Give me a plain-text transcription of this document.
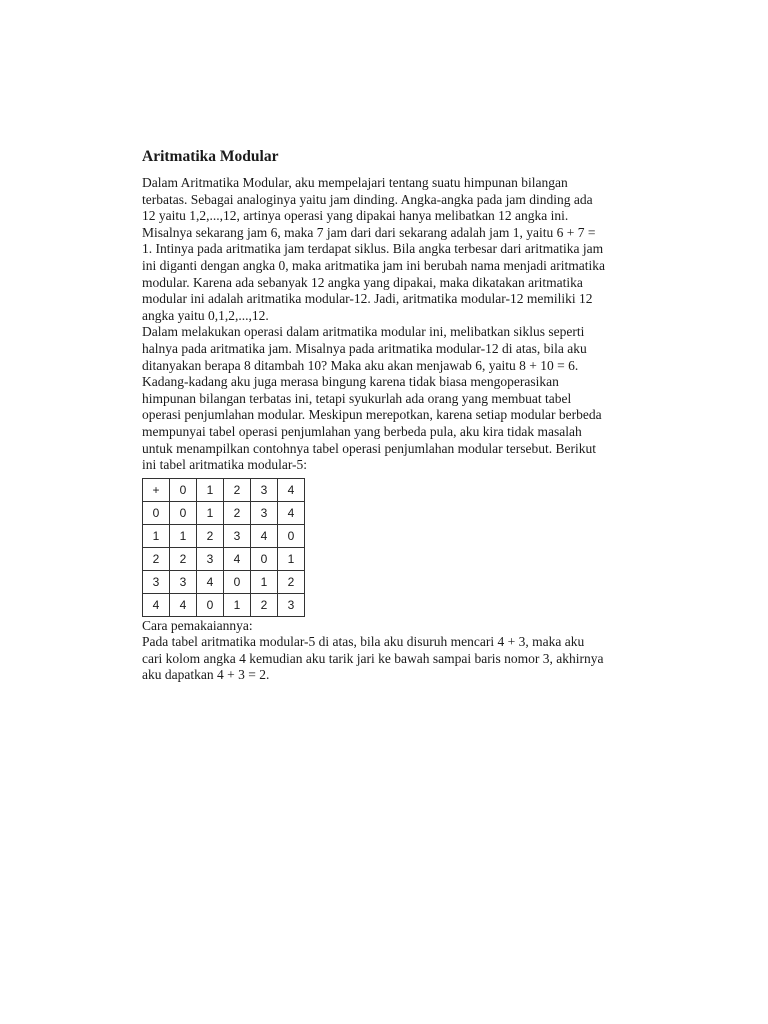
Aritmatika Modular

Dalam Aritmatika Modular, aku mempelajari tentang suatu himpunan bilangan
terbatas. Sebagai analoginya yaitu jam dinding. Angka-angka pada jam dinding ada
12 yaitu 1,2,...,12, artinya operasi yang dipakai hanya melibatkan 12 angka ini.
Misalnya sekarang jam 6, maka 7 jam dari dari sekarang adalah jam 1, yaitu 6 + 7 =
1. Intinya pada aritmatika jam terdapat siklus. Bila angka terbesar dari aritmatika jam
ini diganti dengan angka 0, maka aritmatika jam ini berubah nama menjadi aritmatika
modular. Karena ada sebanyak 12 angka yang dipakai, maka dikatakan aritmatika
modular ini adalah aritmatika modular-12. Jadi, aritmatika modular-12 memiliki 12
angka yaitu 0,1,2,...,12.

Dalam melakukan operasi dalam aritmatika modular ini, melibatkan siklus seperti
halnya pada aritmatika jam. Misalnya pada aritmatika modular-12 di atas, bila aku
ditanyakan berapa 8 ditambah 10? Maka aku akan menjawab 6, yaitu 8 + 10 = 6.
Kadang-kadang aku juga merasa bingung karena tidak biasa mengoperasikan
himpunan bilangan terbatas ini, tetapi syukurlah ada orang yang membuat tabel
operasi penjumlahan modular. Meskipun merepotkan, karena setiap modular berbeda
mempunyai tabel operasi penjumlahan yang berbeda pula, aku kira tidak masalah
untuk menampilkan contohnya tabel operasi penjumlahan modular tersebut. Berikut
ini tabel aritmatika modular-5:

+	0	1	2	3	4
0	0	1	2	3	4
1	1	2	3	4	0
2	2	3	4	0	1
3	3	4	0	1	2
4	4	0	1	2	3

Cara pemakaiannya:
Pada tabel aritmatika modular-5 di atas, bila aku disuruh mencari 4 + 3, maka aku
cari kolom angka 4 kemudian aku tarik jari ke bawah sampai baris nomor 3, akhirnya
aku dapatkan 4 + 3 = 2.
